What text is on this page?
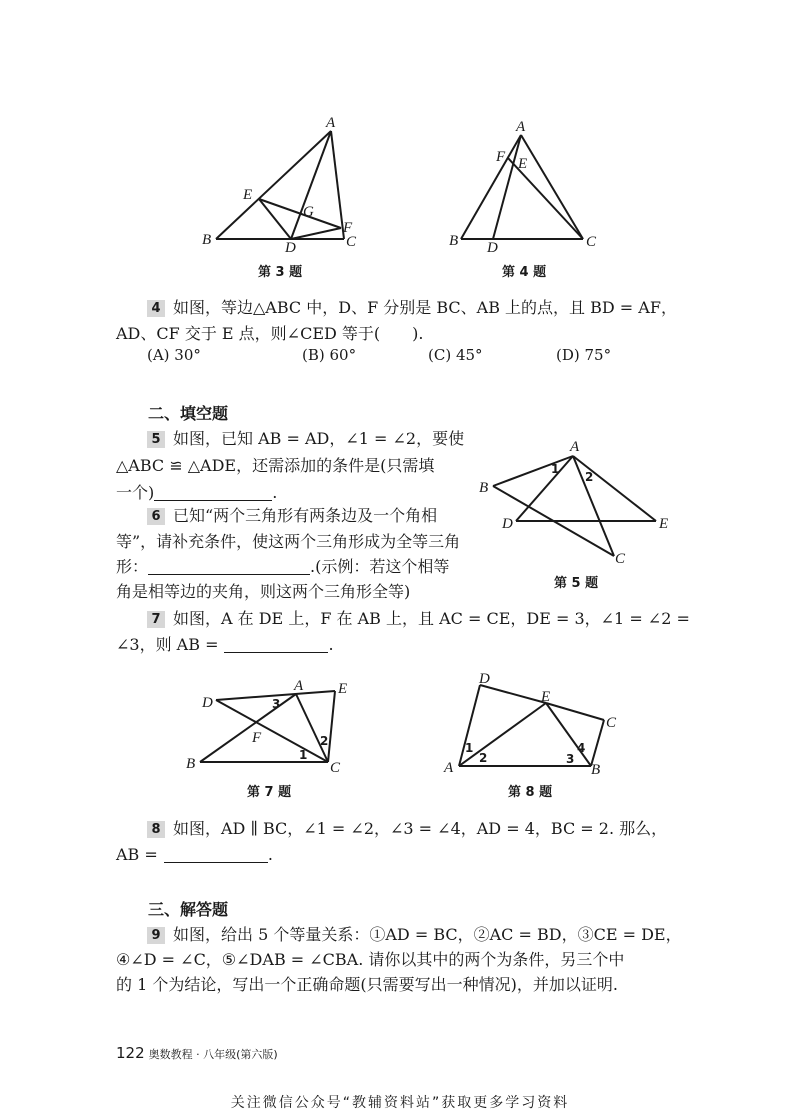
A
B	C
D
E
F
G
第 3 题
A
B	C
D
E
F
第 4 题
4 如图，等边△ABC 中，D、F 分别是 BC、AB 上的点，且 BD = AF，
AD、CF 交于 E 点，则∠CED 等于(　　).
(A) 30°	(B) 60°	(C) 45°	(D) 75°
二、填空题
5 如图，已知 AB = AD，∠1 = ∠2，要使
△ABC ≌ △ADE，还需添加的条件是(只需填
一个)	.
6 已知“两个三角形有两条边及一个角相
等”，请补充条件，使这两个三角形成为全等三角
形：	.(示例：若这个相等
角是相等边的夹角，则这两个三角形全等)
A
B
C
D	E
1
2
第 5 题
7 如图，A 在 DE 上，F 在 AB 上，且 AC = CE，DE = 3，∠1 = ∠2 =
∠3，则 AB =	.
A
B	C
D
E
F
1
2
3
第 7 题
A	B
C
D
E
1
2	3
4
第 8 题
8 如图，AD ∥ BC，∠1 = ∠2，∠3 = ∠4，AD = 4，BC = 2. 那么，
AB =	.
三、解答题
9 如图，给出 5 个等量关系：①AD = BC，②AC = BD，③CE = DE，
④∠D = ∠C，⑤∠DAB = ∠CBA. 请你以其中的两个为条件，另三个中
的 1 个为结论，写出一个正确命题(只需要写出一种情况)，并加以证明.
122 奥数教程 · 八年级(第六版)
关注微信公众号“教辅资料站”获取更多学习资料
